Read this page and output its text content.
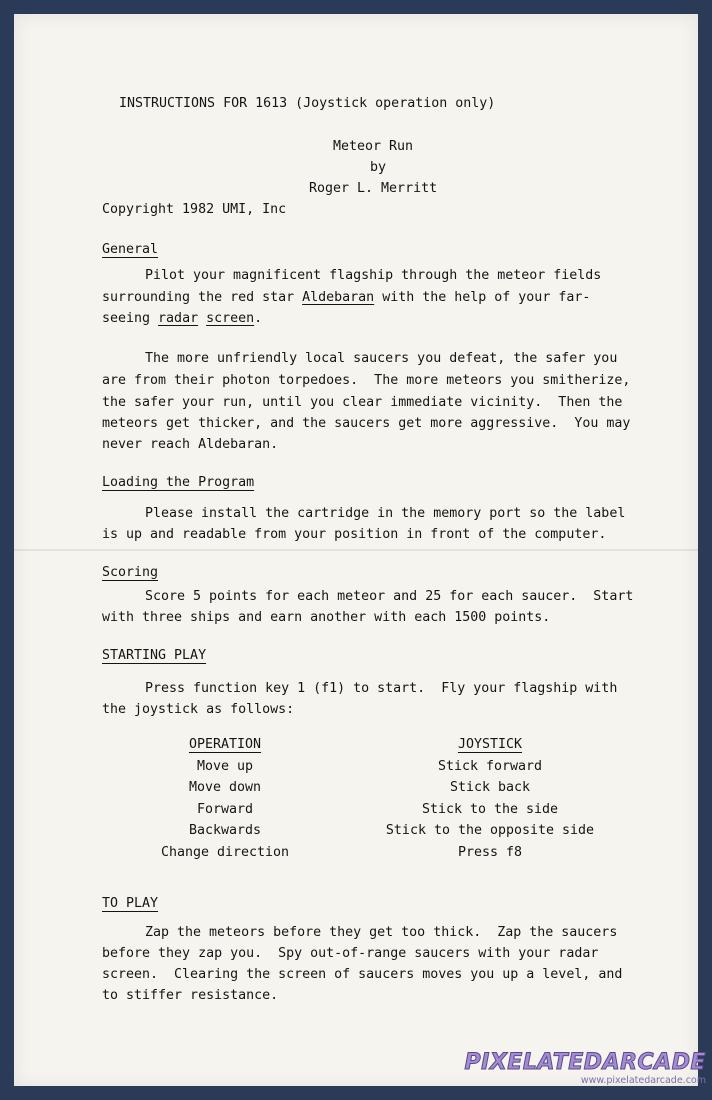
INSTRUCTIONS FOR 1613 (Joystick operation only)
Meteor Run
by
Roger L. Merritt
Copyright 1982 UMI, Inc
General
Pilot your magnificent flagship through the meteor fields
surrounding the red star Aldebaran with the help of your far-
seeing radar screen.
The more unfriendly local saucers you defeat, the safer you
are from their photon torpedoes.  The more meteors you smitherize,
the safer your run, until you clear immediate vicinity.  Then the
meteors get thicker, and the saucers get more aggressive.  You may
never reach Aldebaran.
Loading the Program
Please install the cartridge in the memory port so the label
is up and readable from your position in front of the computer.
Scoring
Score 5 points for each meteor and 25 for each saucer.  Start
with three ships and earn another with each 1500 points.
STARTING PLAY
Press function key 1 (f1) to start.  Fly your flagship with
the joystick as follows:
OPERATION
Move up
Move down
Forward
Backwards
Change direction
JOYSTICK
Stick forward
Stick back
Stick to the side
Stick to the opposite side
Press f8
TO PLAY
Zap the meteors before they get too thick.  Zap the saucers
before they zap you.  Spy out-of-range saucers with your radar
screen.  Clearing the screen of saucers moves you up a level, and
to stiffer resistance.
PIXELATEDARCADE
www.pixelatedarcade.com
